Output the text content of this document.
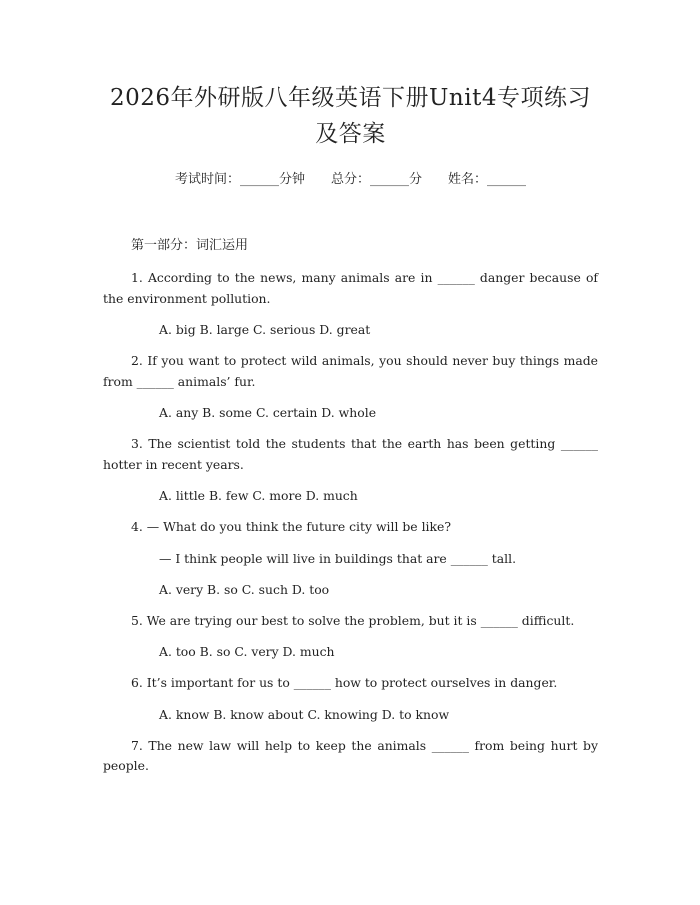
2026年外研版八年级英语下册Unit4专项练习及答案
考试时间：______分钟 总分：______分 姓名：______
第一部分：词汇运用
1. According to the news, many animals are in ______ danger because of the environment pollution.
A. big B. large C. serious D. great
2. If you want to protect wild animals, you should never buy things made from ______ animals’ fur.
A. any B. some C. certain D. whole
3. The scientist told the students that the earth has been getting ______ hotter in recent years.
A. little B. few C. more D. much
4. — What do you think the future city will be like?
— I think people will live in buildings that are ______ tall.
A. very B. so C. such D. too
5. We are trying our best to solve the problem, but it is ______ difficult.
A. too B. so C. very D. much
6. It’s important for us to ______ how to protect ourselves in danger.
A. know B. know about C. knowing D. to know
7. The new law will help to keep the animals ______ from being hurt by people.
